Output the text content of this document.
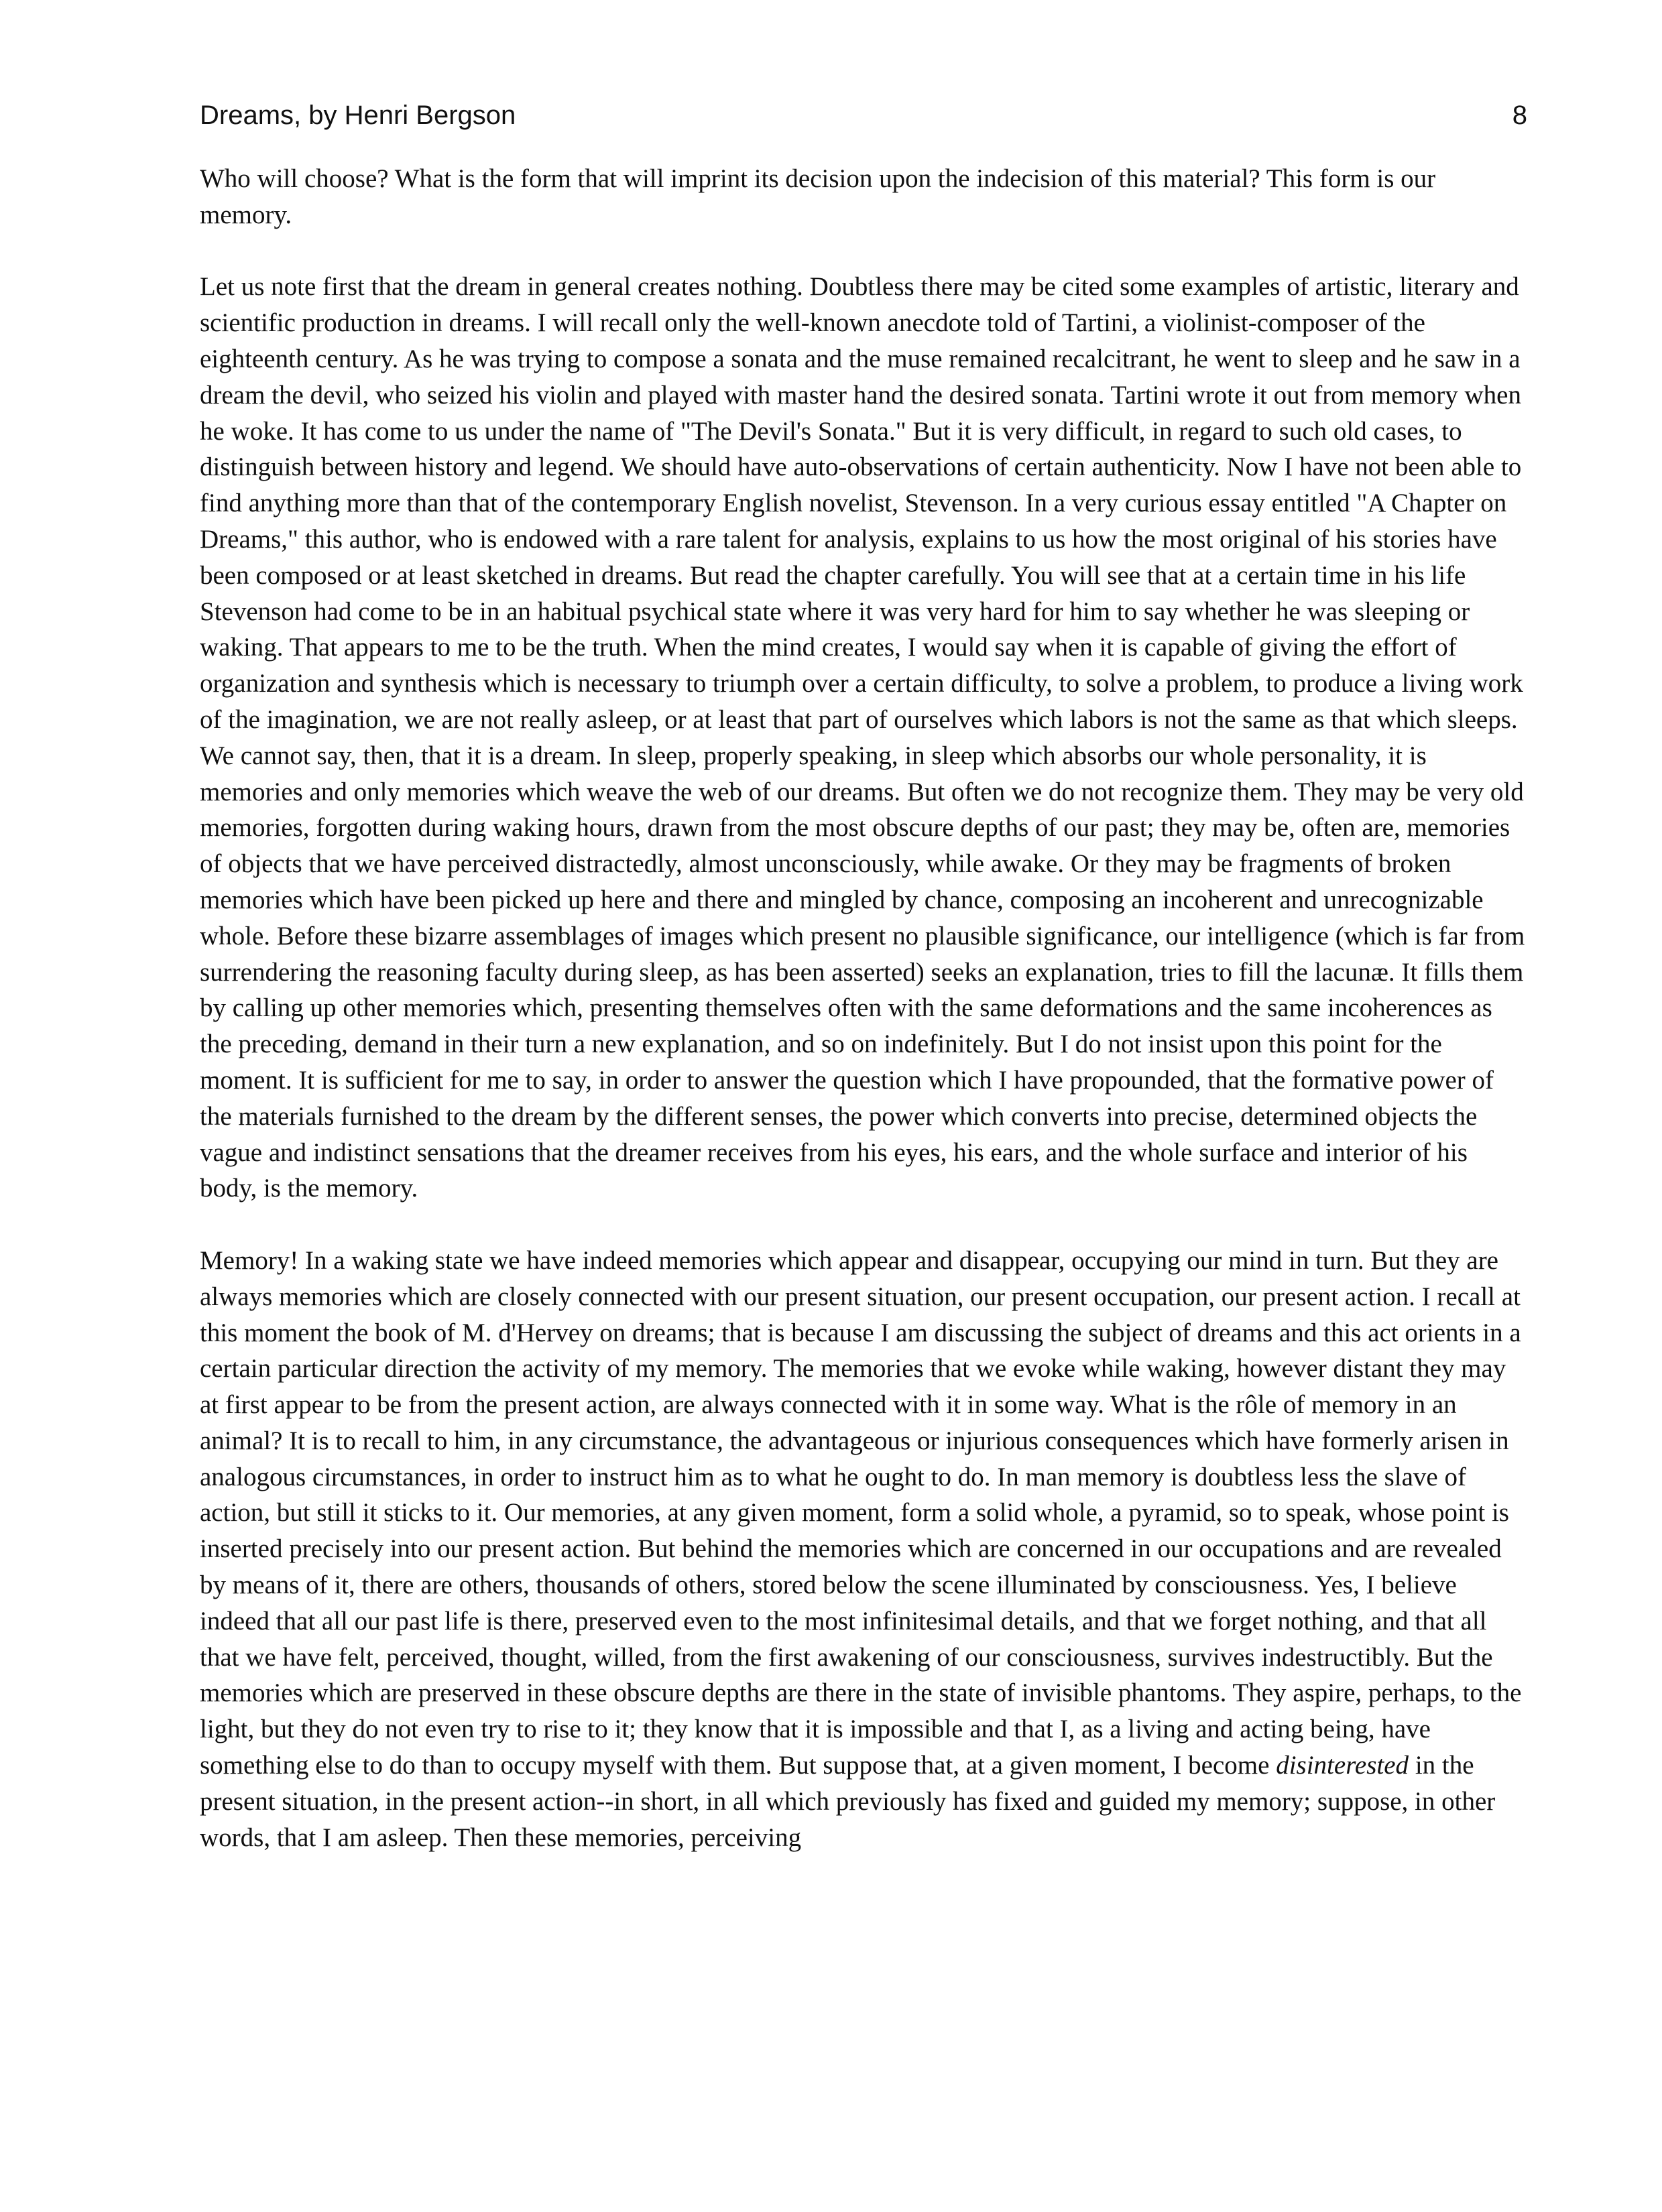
Dreams, by Henri Bergson	8

Who will choose? What is the form that will imprint its decision upon the indecision of this material? This form is our memory.

Let us note first that the dream in general creates nothing. Doubtless there may be cited some examples of artistic, literary and scientific production in dreams. I will recall only the well-known anecdote told of Tartini, a violinist-composer of the eighteenth century. As he was trying to compose a sonata and the muse remained recalcitrant, he went to sleep and he saw in a dream the devil, who seized his violin and played with master hand the desired sonata. Tartini wrote it out from memory when he woke. It has come to us under the name of "The Devil's Sonata." But it is very difficult, in regard to such old cases, to distinguish between history and legend. We should have auto-observations of certain authenticity. Now I have not been able to find anything more than that of the contemporary English novelist, Stevenson. In a very curious essay entitled "A Chapter on Dreams," this author, who is endowed with a rare talent for analysis, explains to us how the most original of his stories have been composed or at least sketched in dreams. But read the chapter carefully. You will see that at a certain time in his life Stevenson had come to be in an habitual psychical state where it was very hard for him to say whether he was sleeping or waking. That appears to me to be the truth. When the mind creates, I would say when it is capable of giving the effort of organization and synthesis which is necessary to triumph over a certain difficulty, to solve a problem, to produce a living work of the imagination, we are not really asleep, or at least that part of ourselves which labors is not the same as that which sleeps. We cannot say, then, that it is a dream. In sleep, properly speaking, in sleep which absorbs our whole personality, it is memories and only memories which weave the web of our dreams. But often we do not recognize them. They may be very old memories, forgotten during waking hours, drawn from the most obscure depths of our past; they may be, often are, memories of objects that we have perceived distractedly, almost unconsciously, while awake. Or they may be fragments of broken memories which have been picked up here and there and mingled by chance, composing an incoherent and unrecognizable whole. Before these bizarre assemblages of images which present no plausible significance, our intelligence (which is far from surrendering the reasoning faculty during sleep, as has been asserted) seeks an explanation, tries to fill the lacunæ. It fills them by calling up other memories which, presenting themselves often with the same deformations and the same incoherences as the preceding, demand in their turn a new explanation, and so on indefinitely. But I do not insist upon this point for the moment. It is sufficient for me to say, in order to answer the question which I have propounded, that the formative power of the materials furnished to the dream by the different senses, the power which converts into precise, determined objects the vague and indistinct sensations that the dreamer receives from his eyes, his ears, and the whole surface and interior of his body, is the memory.

Memory! In a waking state we have indeed memories which appear and disappear, occupying our mind in turn. But they are always memories which are closely connected with our present situation, our present occupation, our present action. I recall at this moment the book of M. d'Hervey on dreams; that is because I am discussing the subject of dreams and this act orients in a certain particular direction the activity of my memory. The memories that we evoke while waking, however distant they may at first appear to be from the present action, are always connected with it in some way. What is the rôle of memory in an animal? It is to recall to him, in any circumstance, the advantageous or injurious consequences which have formerly arisen in analogous circumstances, in order to instruct him as to what he ought to do. In man memory is doubtless less the slave of action, but still it sticks to it. Our memories, at any given moment, form a solid whole, a pyramid, so to speak, whose point is inserted precisely into our present action. But behind the memories which are concerned in our occupations and are revealed by means of it, there are others, thousands of others, stored below the scene illuminated by consciousness. Yes, I believe indeed that all our past life is there, preserved even to the most infinitesimal details, and that we forget nothing, and that all that we have felt, perceived, thought, willed, from the first awakening of our consciousness, survives indestructibly. But the memories which are preserved in these obscure depths are there in the state of invisible phantoms. They aspire, perhaps, to the light, but they do not even try to rise to it; they know that it is impossible and that I, as a living and acting being, have something else to do than to occupy myself with them. But suppose that, at a given moment, I become disinterested in the present situation, in the present action--in short, in all which previously has fixed and guided my memory; suppose, in other words, that I am asleep. Then these memories, perceiving
